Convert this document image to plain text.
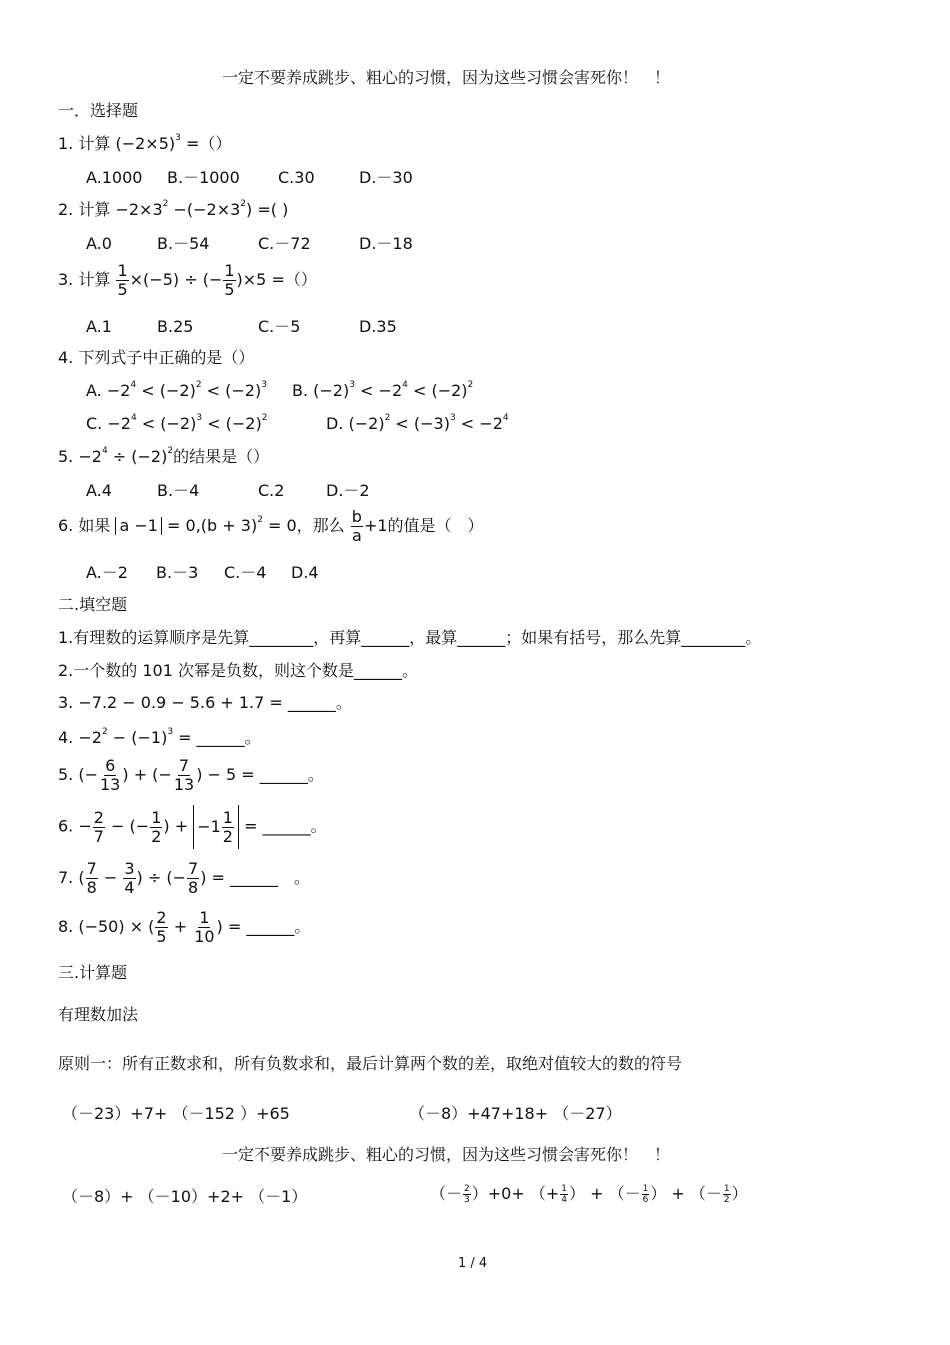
一定不要养成跳步、粗心的习惯，因为这些习惯会害死你！　！
一．选择题
1. 计算 $(-2\times 5)^3$ =（）
A.1000 B.－1000 C.30	D.－30
2. 计算 $-2\times 3^2 -(-2\times 3^2)$ =( )
A.0	B.－54	C.－72	D.－18
3. 计算 $\frac{1}{5} \times(-5)$ ÷ (− $\frac{1}{5} )\times 5$ =（）
A.1	B.25	C.－5	D.35
4. 下列式子中正确的是（）
A. $-2^4 < (-2)^2 < (-2)^3$ B. $(-2)^3 < -2^4 < (-2)^2$
C. $-2^4 < (-2)^3 < (-2)^2$	D. $(-2)^2 < (-3)^3 < -2^4$
5. $-2^4 \div (-2)^2$的结果是（）
A.4	B.－4	C.2	D.－2
6. 如果 $a -1 = 0,(b + 3)^2 = 0$，那么 $\frac{b}{a} +1$的值是（　）
A.－2 B.－3 C.－4 D.4
二.填空题
1.有理数的运算顺序是先算________，再算______，最算______；如果有括号，那么先算________。
2.一个数的 101 次幂是负数，则这个数是______。
3. −7.2 − 0.9 − 5.6 + 1.7 = ______。
4. $-2^2 - (-1)^3$ = ______。
5. (− $\frac{6}{13}$ ) + (− $\frac{7}{13}$ ) − 5 = ______。
6. − $\frac{2}{7}$ − (− $\frac{1}{2}$ ) + $-1 \frac{1}{2}$ = ______。
7. ( $\frac{7}{8} - \frac{3}{4}$ ) ÷ (− $\frac{7}{8}$ ) = ______　。
8. (−50) × ( $\frac{2}{5} + \frac{1}{10}$ ) = ______。
三.计算题
有理数加法
原则一：所有正数求和，所有负数求和，最后计算两个数的差，取绝对值较大的数的符号
（－23）+7+ （－152 ）+65	（－8）+47+18+ （－27）
一定不要养成跳步、粗心的习惯，因为这些习惯会害死你！　！
（－8）+ （－10）+2+ （－1）	（－ $\frac{2}{3} )+0+$ （+ $\frac{1}{4}$ ） + （－ $\frac{1}{6}$ ） + （－ $\frac{1}{2}$ ）
1 / 4
